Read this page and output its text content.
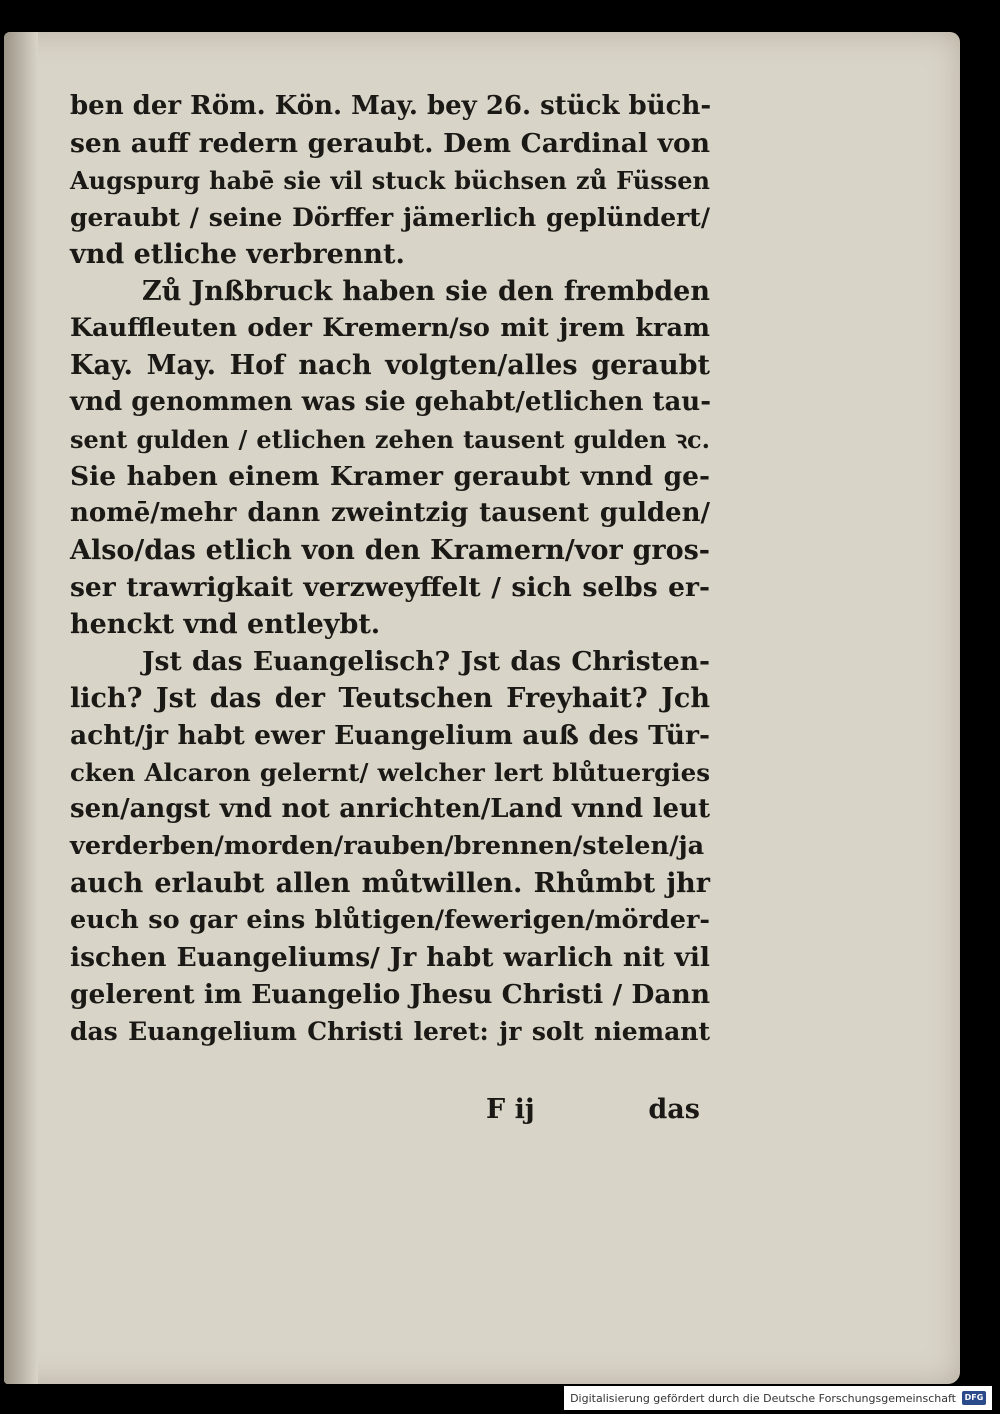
ben der Röm. Kön. May. bey 26. stück büch-
sen auff redern geraubt. Dem Cardinal von
Augspurg habē sie vil stuck büchsen zů Füssen
geraubt / seine Dörffer jämerlich geplündert/
vnd etliche verbrennt.
Zů Jnßbruck haben sie den frembden
Kauffleuten oder Kremern/so mit jrem kram
Kay. May. Hof nach volgten/alles geraubt
vnd genommen was sie gehabt/etlichen tau-
sent gulden / etlichen zehen tausent gulden ꝛc.
Sie haben einem Kramer geraubt vnnd ge-
nomē/mehr dann zweintzig tausent gulden/
Also/das etlich von den Kramern/vor gros-
ser trawrigkait verzweyffelt / sich selbs er-
henckt vnd entleybt.
Jst das Euangelisch? Jst das Christen-
lich? Jst das der Teutschen Freyhait? Jch
acht/jr habt ewer Euangelium auß des Tür-
cken Alcaron gelernt/ welcher lert blůtuergies
sen/angst vnd not anrichten/Land vnnd leut
verderben/morden/rauben/brennen/stelen/ja
auch erlaubt allen můtwillen. Rhůmbt jhr
euch so gar eins blůtigen/fewerigen/mörder-
ischen Euangeliums/ Jr habt warlich nit vil
gelerent im Euangelio Jhesu Christi / Dann
das Euangelium Christi leret: jr solt niemant
F ij	das
Digitalisierung gefördert durch die Deutsche Forschungsgemeinschaft	DFG
